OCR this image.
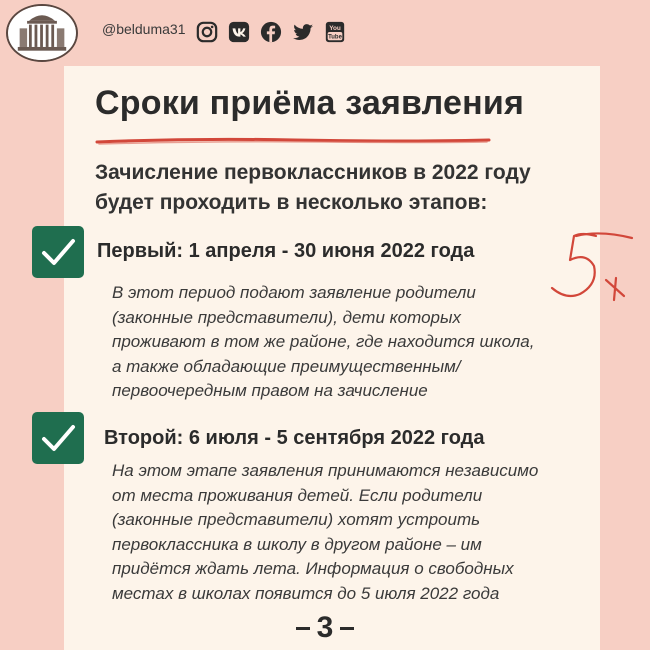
@belduma31	You
Tube
Сроки приёма заявления
Зачисление первоклассников в 2022 году
будет проходить в несколько этапов:
Первый: 1 апреля - 30 июня 2022 года
В этот период подают заявление родители
(законные представители), дети которых
проживают в том же районе, где находится школа,
а также обладающие преимущественным/
первоочередным правом на зачисление
Второй: 6 июля - 5 сентября 2022 года
На этом этапе заявления принимаются независимо
от места проживания детей. Если родители
(законные представители) хотят устроить
первоклассника в школу в другом районе – им
придётся ждать лета. Информация о свободных
местах в школах появится до 5 июля 2022 года
3
